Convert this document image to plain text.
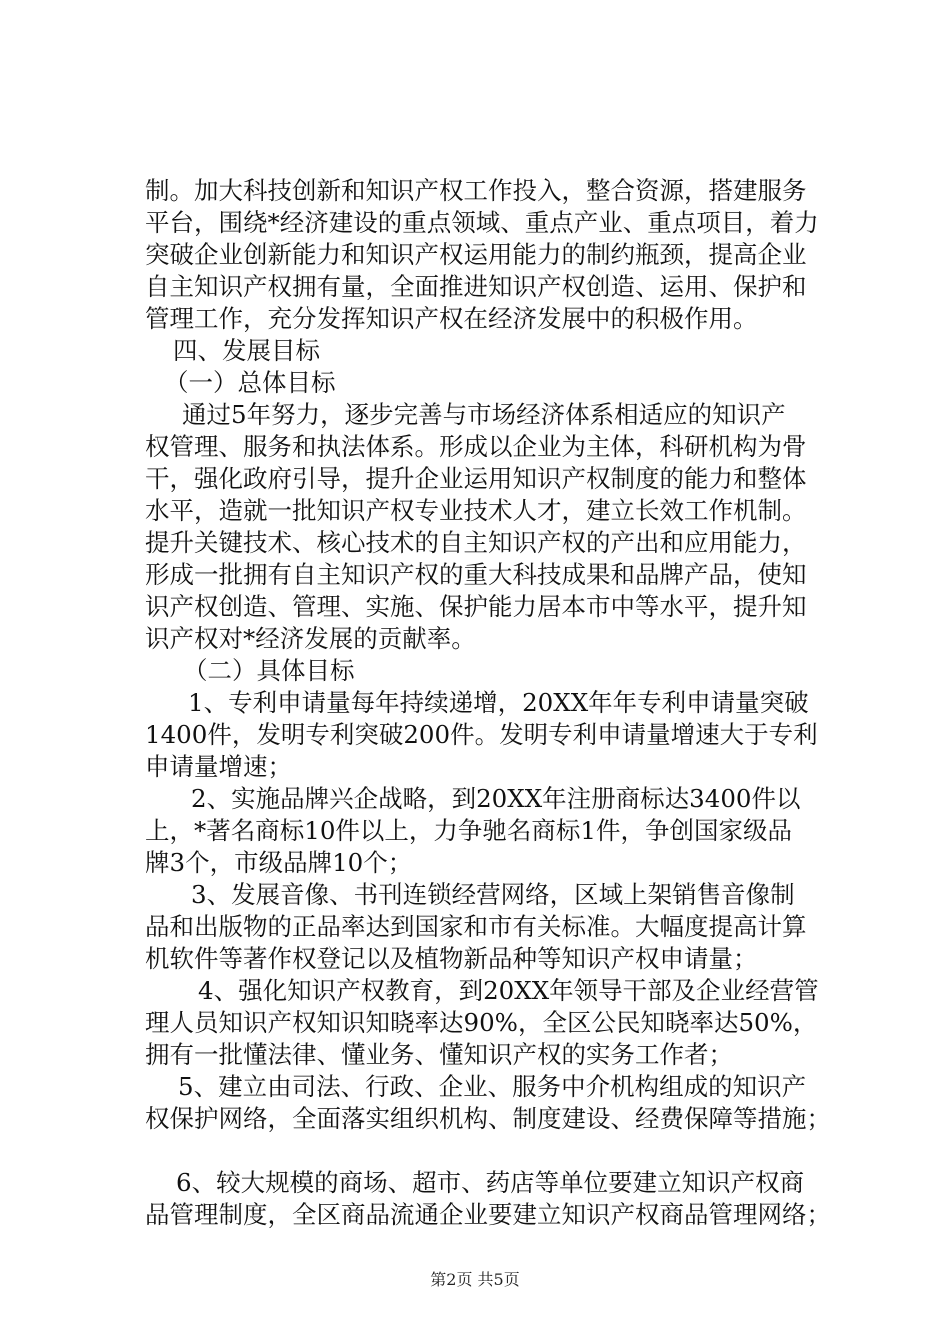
制。加大科技创新和知识产权工作投入，整合资源，搭建服务
平台，围绕*经济建设的重点领域、重点产业、重点项目，着力
突破企业创新能力和知识产权运用能力的制约瓶颈，提高企业
自主知识产权拥有量，全面推进知识产权创造、运用、保护和
管理工作，充分发挥知识产权在经济发展中的积极作用。
四、发展目标
（一）总体目标
通过5年努力，逐步完善与市场经济体系相适应的知识产
权管理、服务和执法体系。形成以企业为主体，科研机构为骨
干，强化政府引导，提升企业运用知识产权制度的能力和整体
水平，造就一批知识产权专业技术人才，建立长效工作机制。
提升关键技术、核心技术的自主知识产权的产出和应用能力，
形成一批拥有自主知识产权的重大科技成果和品牌产品，使知
识产权创造、管理、实施、保护能力居本市中等水平，提升知
识产权对*经济发展的贡献率。
（二）具体目标
1、专利申请量每年持续递增，20XX年年专利申请量突破
1400件，发明专利突破200件。发明专利申请量增速大于专利
申请量增速；
2、实施品牌兴企战略，到20XX年注册商标达3400件以
上，*著名商标10件以上，力争驰名商标1件，争创国家级品
牌3个，市级品牌10个；
3、发展音像、书刊连锁经营网络，区域上架销售音像制
品和出版物的正品率达到国家和市有关标准。大幅度提高计算
机软件等著作权登记以及植物新品种等知识产权申请量；
4、强化知识产权教育，到20XX年领导干部及企业经营管
理人员知识产权知识知晓率达90%，全区公民知晓率达50%，
拥有一批懂法律、懂业务、懂知识产权的实务工作者；
5、建立由司法、行政、企业、服务中介机构组成的知识产
权保护网络，全面落实组织机构、制度建设、经费保障等措施；
6、较大规模的商场、超市、药店等单位要建立知识产权商
品管理制度，全区商品流通企业要建立知识产权商品管理网络；
第2页 共5页
